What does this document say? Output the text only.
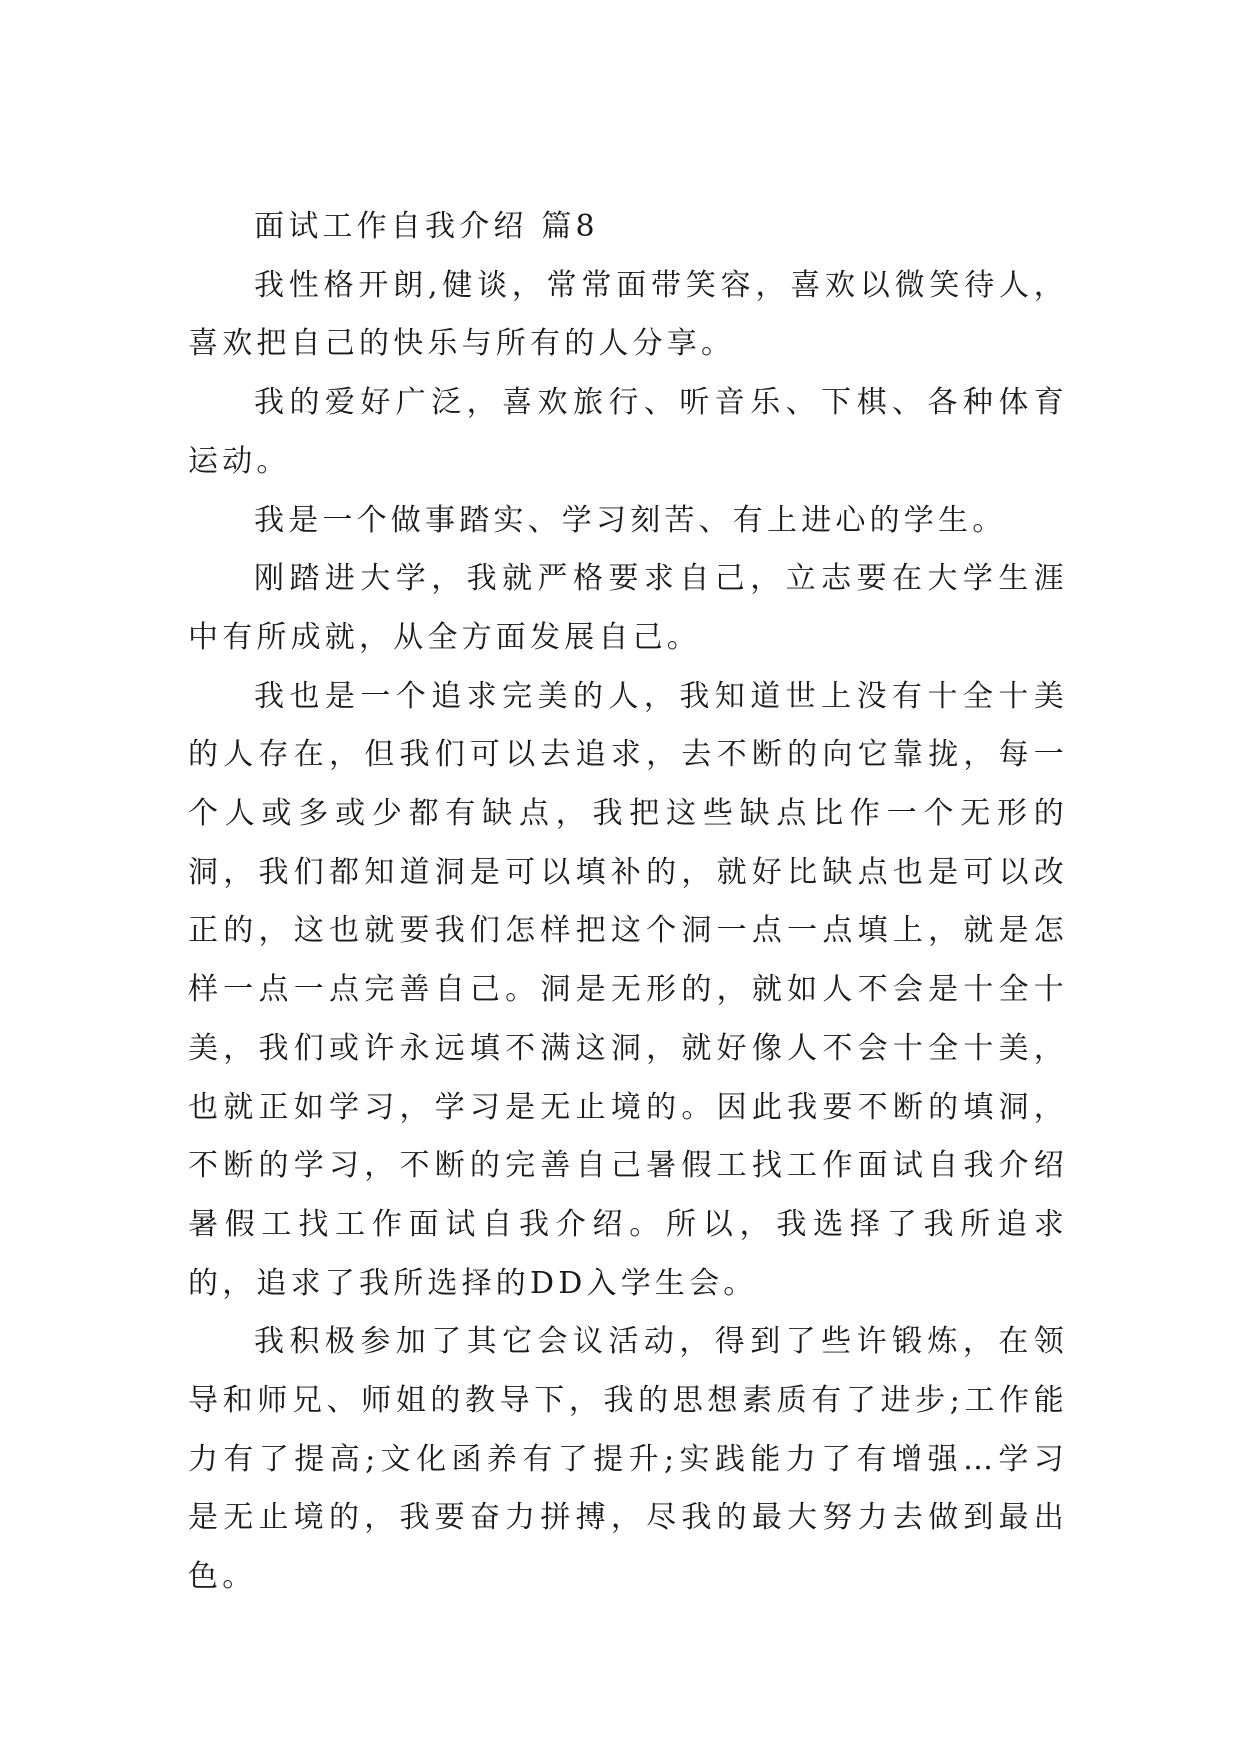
面试工作自我介绍 篇8

我性格开朗,健谈，常常面带笑容，喜欢以微笑待人，喜欢把自己的快乐与所有的人分享。

我的爱好广泛，喜欢旅行、听音乐、下棋、各种体育运动。

我是一个做事踏实、学习刻苦、有上进心的学生。

刚踏进大学，我就严格要求自己，立志要在大学生涯中有所成就，从全方面发展自己。

我也是一个追求完美的人，我知道世上没有十全十美的人存在，但我们可以去追求，去不断的向它靠拢，每一个人或多或少都有缺点，我把这些缺点比作一个无形的洞，我们都知道洞是可以填补的，就好比缺点也是可以改正的，这也就要我们怎样把这个洞一点一点填上，就是怎样一点一点完善自己。洞是无形的，就如人不会是十全十美，我们或许永远填不满这洞，就好像人不会十全十美，也就正如学习，学习是无止境的。因此我要不断的填洞，不断的学习，不断的完善自己暑假工找工作面试自我介绍暑假工找工作面试自我介绍。所以，我选择了我所追求的，追求了我所选择的DD入学生会。

我积极参加了其它会议活动，得到了些许锻炼，在领导和师兄、师姐的教导下，我的思想素质有了进步;工作能力有了提高;文化函养有了提升;实践能力了有增强…学习是无止境的，我要奋力拼搏，尽我的最大努力去做到最出色。
